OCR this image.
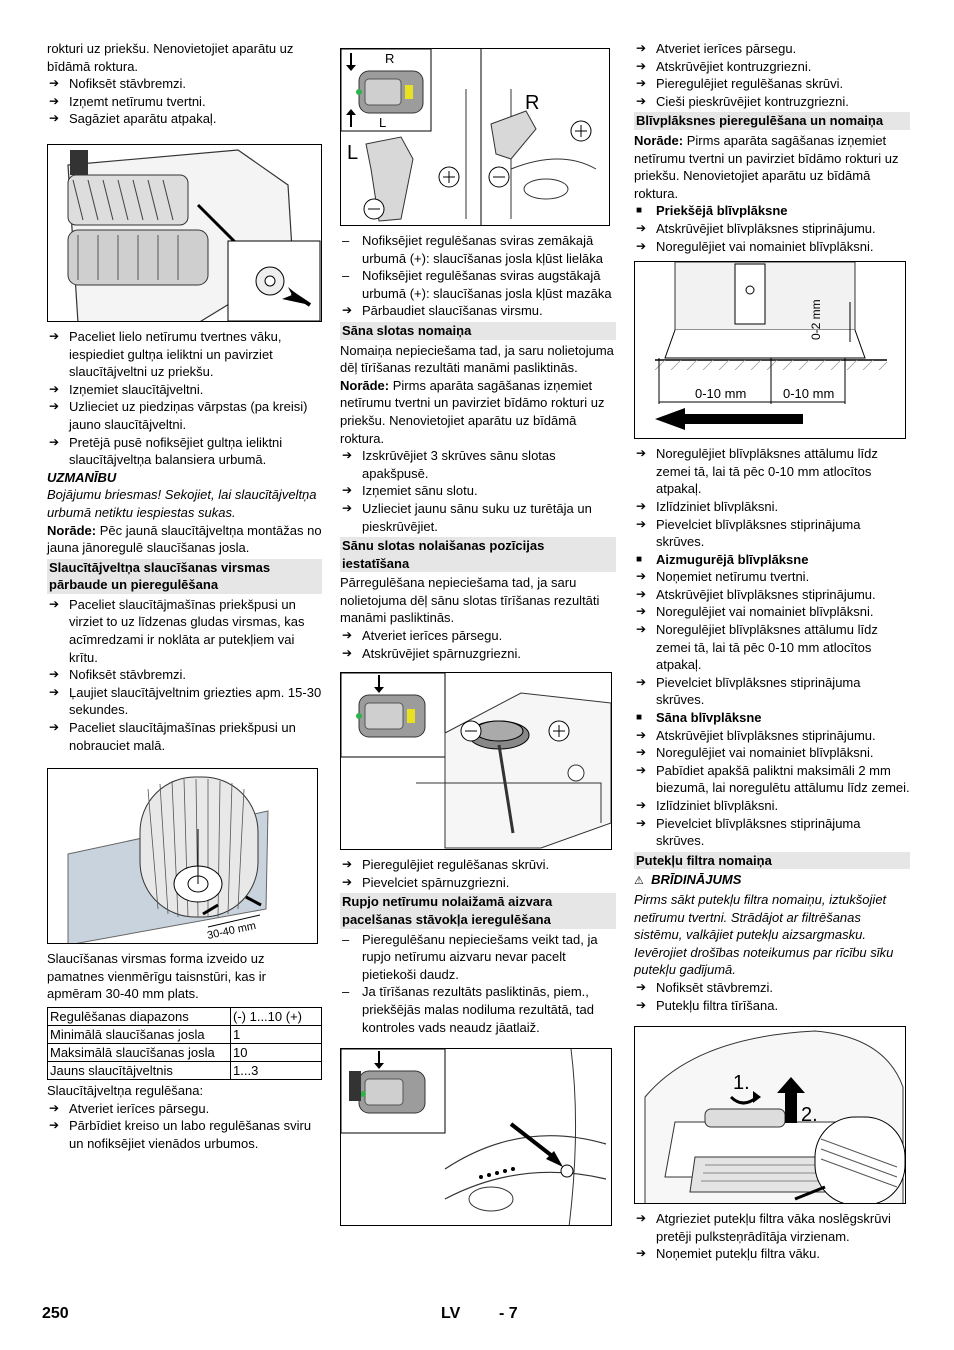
rokturi uz priekšu. Nenovietojiet aparātu uz bīdāmā roktura.

➔ Nofiksēt stāvbremzi.

➔ Izņemt netīrumu tvertni.

➔ Sagāziet aparātu atpakaļ.

➔ Paceliet lielo netīrumu tvertnes vāku, iespiediet gultņa ieliktni un pavirziet slaucītājveltni uz priekšu.

➔ Izņemiet slaucītājveltni.

➔ Uzlieciet uz piedziņas vārpstas (pa kreisi) jauno slaucītājveltni.

➔ Pretējā pusē nofiksējiet gultņa ieliktni slaucītājveltņa balansiera urbumā.

UZMANĪBU

Bojājumu briesmas! Sekojiet, lai slaucītājveltņa urbumā netiktu iespiestas sukas.

Norāde: Pēc jaunā slaucītājveltņa montāžas no jauna jānoregulē slaucīšanas josla.

Slaucītājveltņa slaucīšanas virsmas pārbaude un pieregulēšana

➔ Paceliet slaucītājmašīnas priekšpusi un virziet to uz līdzenas gludas virsmas, kas acīmredzami ir noklāta ar putekļiem vai krītu.

➔ Nofiksēt stāvbremzi.

➔ Ļaujiet slaucītājveltnim griezties apm. 15-30 sekundes.

➔ Paceliet slaucītājmašīnas priekšpusi un nobrauciet malā.

30-40 mm

Slaucīšanas virsmas forma izveido uz pamatnes vienmērīgu taisnstūri, kas ir apmēram 30-40 mm plats.

Regulēšanas diapazons	(-) 1...10 (+)
Minimālā slaucīšanas josla	1
Maksimālā slaucīšanas josla	10
Jauns slaucītājveltnis	1...3

Slaucītājveltņa regulēšana:

➔ Atveriet ierīces pārsegu.

➔ Pārbīdiet kreiso un labo regulēšanas sviru un nofiksējiet vienādos urbumos.

R
L
L
R

– Nofiksējiet regulēšanas sviras zemākajā urbumā (+): slaucīšanas josla kļūst lielāka

– Nofiksējiet regulēšanas sviras augstākajā urbumā (+): slaucīšanas josla kļūst mazāka

➔ Pārbaudiet slaucīšanas virsmu.

Sāna slotas nomaiņa

Nomaiņa nepieciešama tad, ja saru nolietojuma dēļ tīrīšanas rezultāti manāmi pasliktinās.

Norāde: Pirms aparāta sagāšanas izņemiet netīrumu tvertni un pavirziet bīdāmo rokturi uz priekšu. Nenovietojiet aparātu uz bīdāmā roktura.

➔ Izskrūvējiet 3 skrūves sānu slotas apakšpusē.

➔ Izņemiet sānu slotu.

➔ Uzlieciet jaunu sānu suku uz turētāja un pieskrūvējiet.

Sānu slotas nolaišanas pozīcijas iestatīšana

Pārregulēšana nepieciešama tad, ja saru nolietojuma dēļ sānu slotas tīrīšanas rezultāti manāmi pasliktinās.

➔ Atveriet ierīces pārsegu.

➔ Atskrūvējiet spārnuzgriezni.

➔ Pieregulējiet regulēšanas skrūvi.

➔ Pievelciet spārnuzgriezni.

Rupjo netīrumu nolaižamā aizvara pacelšanas stāvokļa ieregulēšana

– Pieregulēšanu nepieciešams veikt tad, ja rupjo netīrumu aizvaru nevar pacelt pietiekoši daudz.

– Ja tīrīšanas rezultāts pasliktinās, piem., priekšējās malas nodiluma rezultātā, tad kontroles vads neaudz jāatlaiž.

➔ Atveriet ierīces pārsegu.

➔ Atskrūvējiet kontruzgriezni.

➔ Pieregulējiet regulēšanas skrūvi.

➔ Cieši pieskrūvējiet kontruzgriezni.

Blīvplāksnes pieregulēšana un nomaiņa

Norāde: Pirms aparāta sagāšanas izņemiet netīrumu tvertni un pavirziet bīdāmo rokturi uz priekšu. Nenovietojiet aparātu uz bīdāmā roktura.

■ Priekšējā blīvplāksne

➔ Atskrūvējiet blīvplāksnes stiprinājumu.

➔ Noregulējiet vai nomainiet blīvplāksni.

0-2 mm
0-10 mm	0-10 mm

➔ Noregulējiet blīvplāksnes attālumu līdz zemei tā, lai tā pēc 0-10 mm atlocītos atpakaļ.

➔ Izlīdziniet blīvplāksni.

➔ Pievelciet blīvplāksnes stiprinājuma skrūves.

■ Aizmugurējā blīvplāksne

➔ Noņemiet netīrumu tvertni.

➔ Atskrūvējiet blīvplāksnes stiprinājumu.

➔ Noregulējiet vai nomainiet blīvplāksni.

➔ Noregulējiet blīvplāksnes attālumu līdz zemei tā, lai tā pēc 0-10 mm atlocītos atpakaļ.

➔ Pievelciet blīvplāksnes stiprinājuma skrūves.

■ Sāna blīvplāksne

➔ Atskrūvējiet blīvplāksnes stiprinājumu.

➔ Noregulējiet vai nomainiet blīvplāksni.

➔ Pabīdiet apakšā paliktni maksimāli 2 mm biezumā, lai noregulētu attālumu līdz zemei.

➔ Izlīdziniet blīvplāksni.

➔ Pievelciet blīvplāksnes stiprinājuma skrūves.

Putekļu filtra nomaiņa

⚠ BRĪDINĀJUMS

Pirms sākt putekļu filtra nomaiņu, iztukšojiet netīrumu tvertni. Strādājot ar filtrēšanas sistēmu, valkājiet putekļu aizsargmasku. Ievērojiet drošības noteikumus par rīcību sīku putekļu gadījumā.

➔ Nofiksēt stāvbremzi.

➔ Putekļu filtra tīrīšana.

1.
2.

➔ Atgrieziet putekļu filtra vāka noslēgskrūvi pretēji pulksteņrādītāja virzienam.

➔ Noņemiet putekļu filtra vāku.

250	LV - 7
